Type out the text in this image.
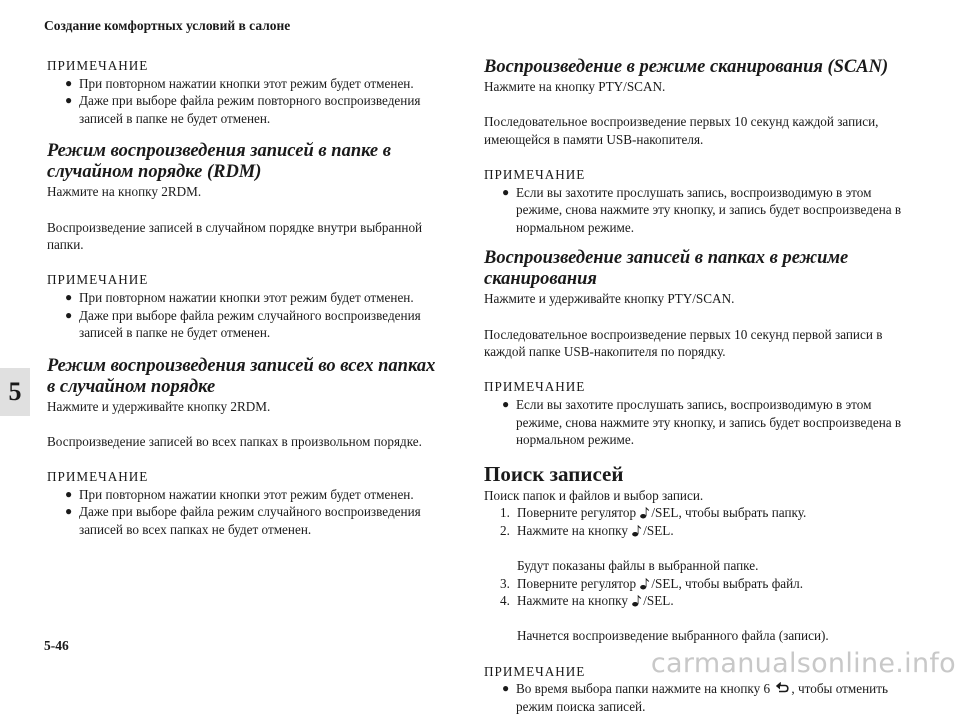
Создание комфортных условий в салоне
5
5-46
ПРИМЕЧАНИЕ
● При повторном нажатии кнопки этот режим будет отменен.
● Даже при выборе файла режим повторного воспроизведения записей в папке не будет отменен.
Режим воспроизведения записей в папке в случайном порядке (RDM)
Нажмите на кнопку 2RDM.
Воспроизведение записей в случайном порядке внутри выбранной папки.
ПРИМЕЧАНИЕ
● При повторном нажатии кнопки этот режим будет отменен.
● Даже при выборе файла режим случайного воспроизведения записей в папке не будет отменен.
Режим воспроизведения записей во всех папках
в случайном порядке
Нажмите и удерживайте кнопку 2RDM.
Воспроизведение записей во всех папках в произвольном порядке.
ПРИМЕЧАНИЕ
● При повторном нажатии кнопки этот режим будет отменен.
● Даже при выборе файла режим случайного воспроизведения записей во всех папках не будет отменен.
Воспроизведение в режиме сканирования (SCAN)
Нажмите на кнопку PTY/SCAN.
Последовательное воспроизведение первых 10 секунд каждой записи, имеющейся в памяти USB-накопителя.
ПРИМЕЧАНИЕ
● Если вы захотите прослушать запись, воспроизводимую в этом режиме, снова нажмите эту кнопку, и запись будет воспроизведена в нормальном режиме.
Воспроизведение записей в папках в режиме
сканирования
Нажмите и удерживайте кнопку PTY/SCAN.
Последовательное воспроизведение первых 10 секунд первой записи в каждой папке USB-накопителя по порядку.
ПРИМЕЧАНИЕ
● Если вы захотите прослушать запись, воспроизводимую в этом режиме, снова нажмите эту кнопку, и запись будет воспроизведена в нормальном режиме.
Поиск записей
Поиск папок и файлов и выбор записи.
1. Поверните регулятор /SEL, чтобы выбрать папку.
2. Нажмите на кнопку /SEL.
Будут показаны файлы в выбранной папке.
3. Поверните регулятор /SEL, чтобы выбрать файл.
4. Нажмите на кнопку /SEL.
Начнется воспроизведение выбранного файла (записи).
ПРИМЕЧАНИЕ
● Во время выбора папки нажмите на кнопку 6 , чтобы отменить режим поиска записей.
carmanualsonline.info
